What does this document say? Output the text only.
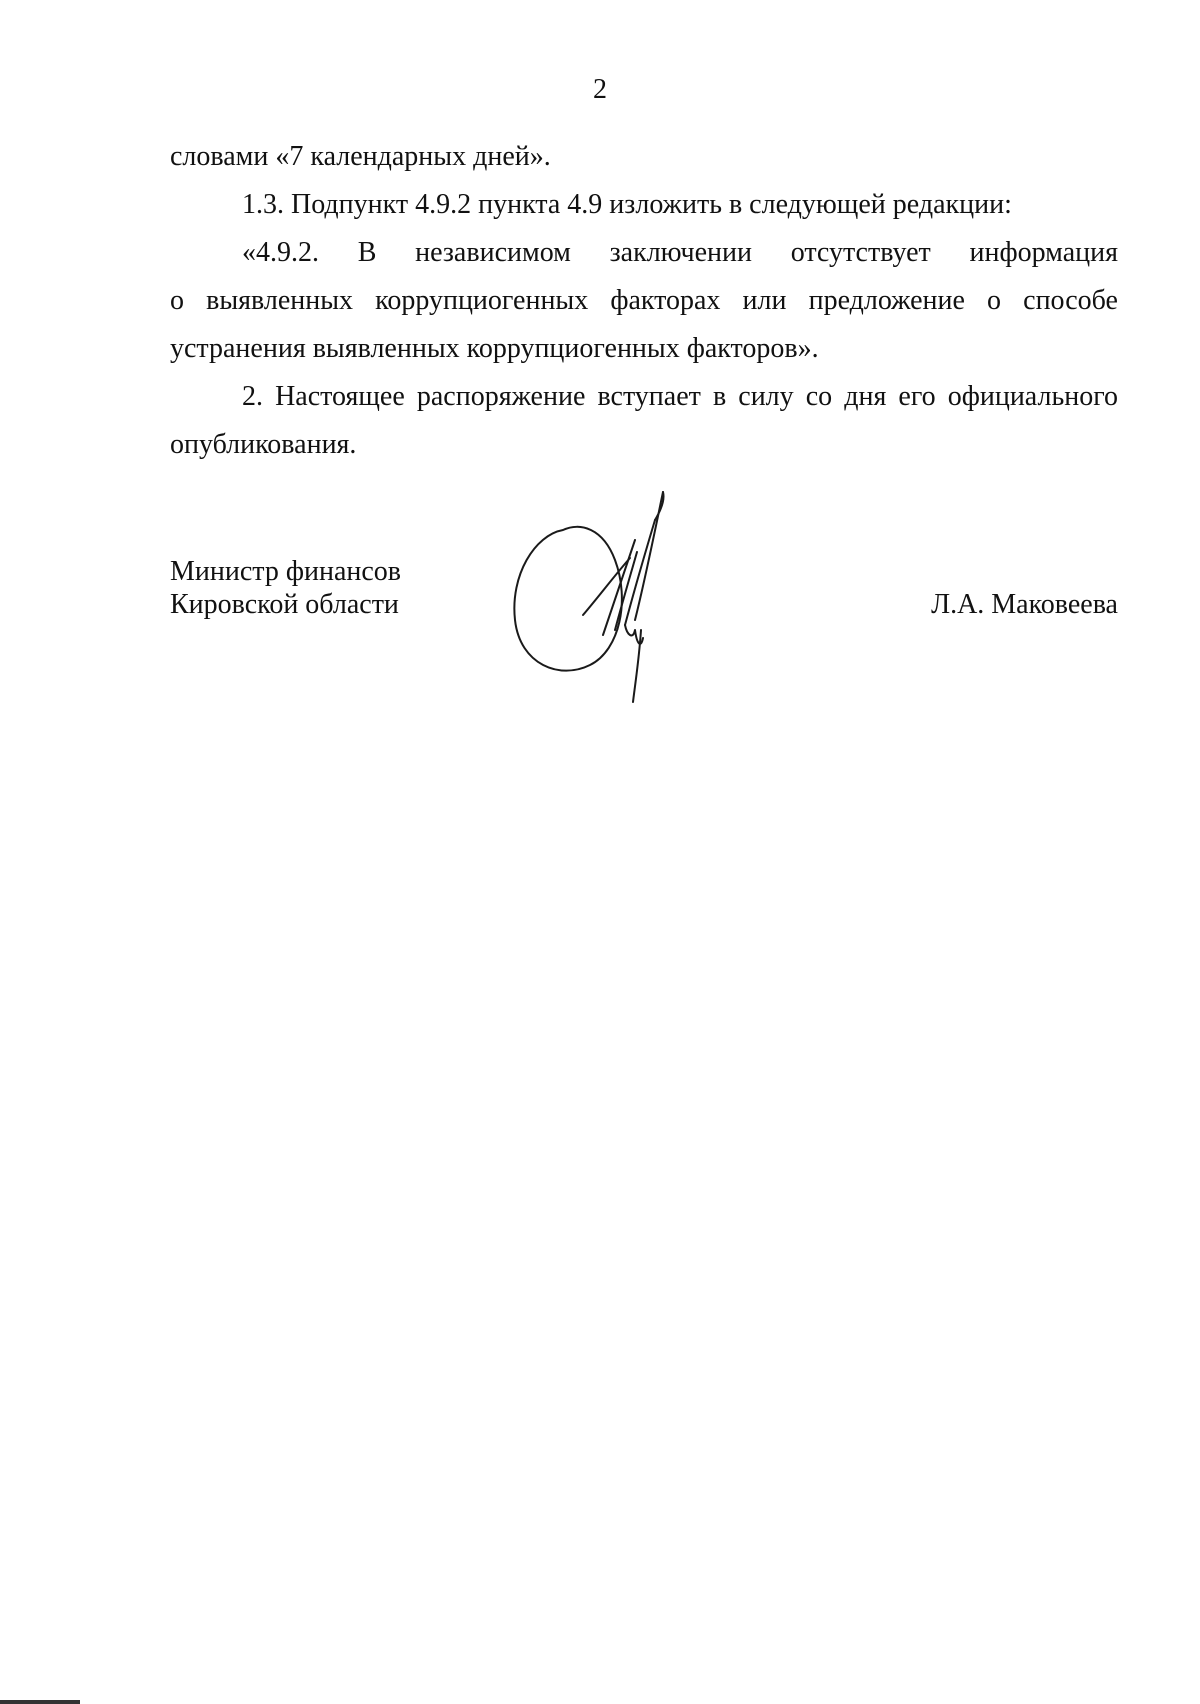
2
словами «7 календарных дней».
1.3. Подпункт 4.9.2 пункта 4.9 изложить в следующей редакции:
«4.9.2. В независимом заключении отсутствует информация
о выявленных коррупциогенных факторах или предложение о способе
устранения выявленных коррупциогенных факторов».
2. Настоящее распоряжение вступает в силу со дня его официального
опубликования.
Министр финансов
Кировской области	Л.А. Маковеева
